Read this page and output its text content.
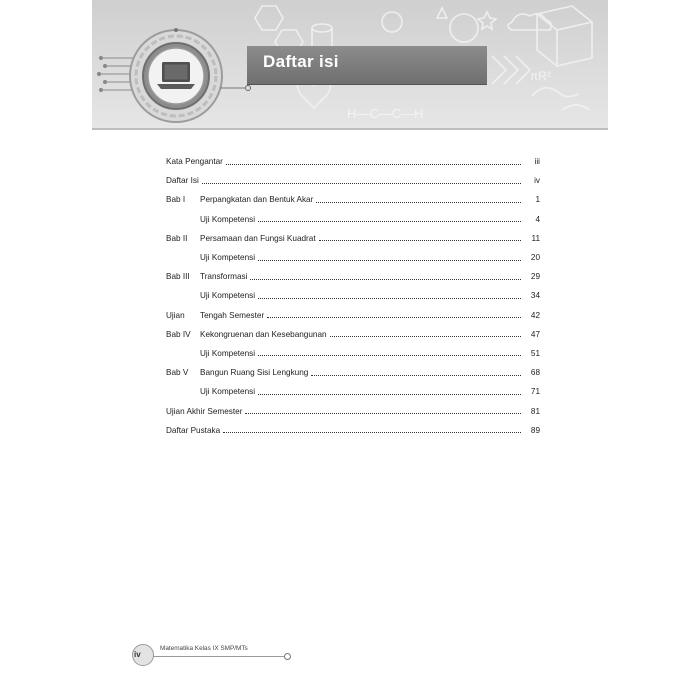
H—C—C—H
πR²
Daftar isi
Kata Pengantar	iii
Daftar Isi	iv
Bab I	Perpangkatan dan Bentuk Akar	1
Uji Kompetensi	4
Bab II	Persamaan dan Fungsi Kuadrat	11
Uji Kompetensi	20
Bab III	Transformasi	29
Uji Kompetensi	34
Ujian	Tengah Semester	42
Bab IV	Kekongruenan dan Kesebangunan	47
Uji Kompetensi	51
Bab V	Bangun Ruang Sisi Lengkung	68
Uji Kompetensi	71
Ujian Akhir Semester	81
Daftar Pustaka	89
iv
Matematika Kelas IX SMP/MTs
